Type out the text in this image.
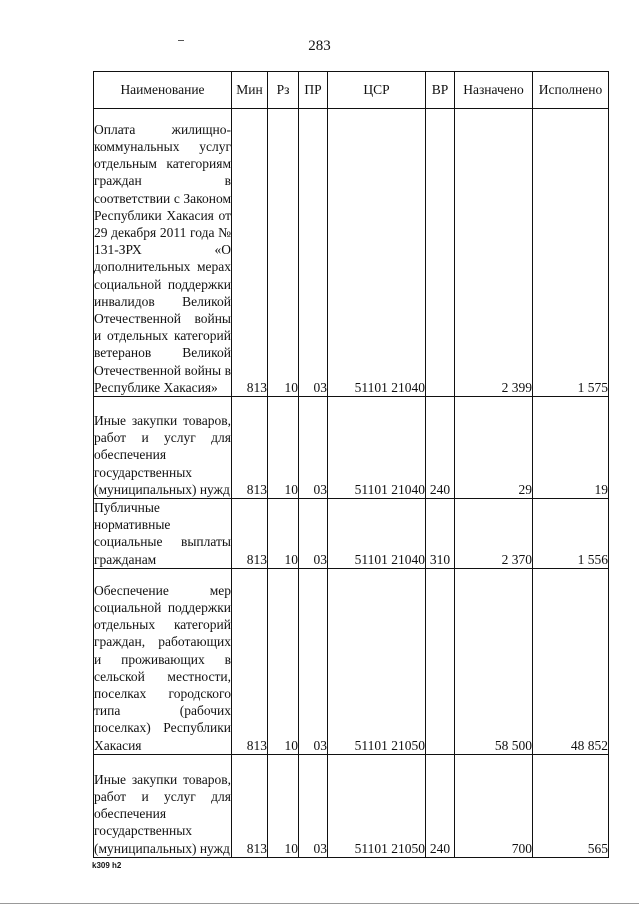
283
Наименование	Мин	Рз	ПР	ЦСР	ВР	Назначено	Исполнено

Оплата жилищно-коммунальных услуг отдельным категориям граждан в соответствии с Законом Республики Хакасия от 29 декабря 2011 года № 131-ЗРХ «О дополнительных мерах социальной поддержки инвалидов Великой Отечественной войны и отдельных категорий ветеранов Великой Отечественной войны в Республике Хакасия»	813	10	03	51101 21040		2 399	1 575

Иные закупки товаров, работ и услуг для обеспечения государственных (муниципальных) нужд	813	10	03	51101 21040	240	29	19

Публичные нормативные социальные выплаты гражданам	813	10	03	51101 21040	310	2 370	1 556

Обеспечение мер социальной поддержки отдельных категорий граждан, работающих и проживающих в сельской местности, поселках городского типа (рабочих поселках) Республики Хакасия	813	10	03	51101 21050		58 500	48 852

Иные закупки товаров, работ и услуг для обеспечения государственных (муниципальных) нужд	813	10	03	51101 21050	240	700	565
k309 h2
